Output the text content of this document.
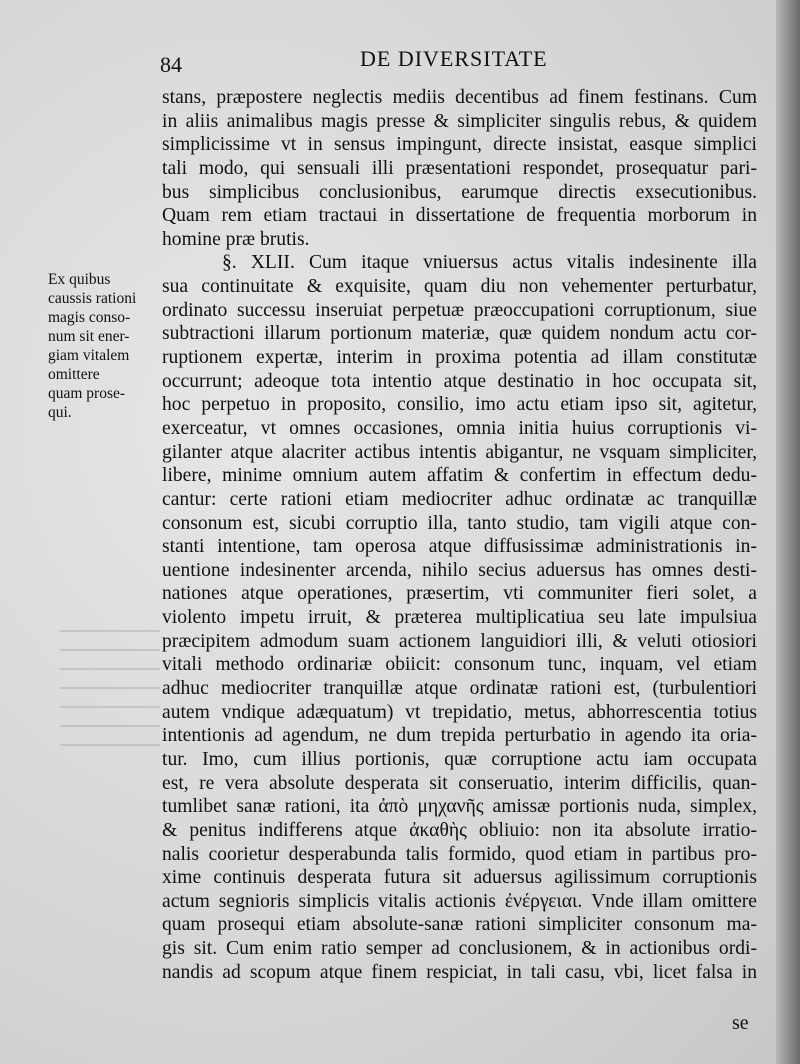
84	DE DIVERSITATE
Ex quibus
caussis rationi
magis conso-
num sit ener-
giam vitalem
omittere
quam prose-
qui.
stans, præpostere neglectis mediis decentibus ad finem festinans. Cum
in aliis animalibus magis presse & simpliciter singulis rebus, & quidem
simplicissime vt in sensus impingunt, directe insistat, easque simplici
tali modo, qui sensuali illi præsentationi respondet, prosequatur pari-
bus simplicibus conclusionibus, earumque directis exsecutionibus.
Quam rem etiam tractaui in dissertatione de frequentia morborum in
homine præ brutis.
§. XLII. Cum itaque vniuersus actus vitalis indesinente illa
sua continuitate & exquisite, quam diu non vehementer perturbatur,
ordinato successu inseruiat perpetuæ præoccupationi corruptionum, siue
subtractioni illarum portionum materiæ, quæ quidem nondum actu cor-
ruptionem expertæ, interim in proxima potentia ad illam constitutæ
occurrunt; adeoque tota intentio atque destinatio in hoc occupata sit,
hoc perpetuo in proposito, consilio, imo actu etiam ipso sit, agitetur,
exerceatur, vt omnes occasiones, omnia initia huius corruptionis vi-
gilanter atque alacriter actibus intentis abigantur, ne vsquam simpliciter,
libere, minime omnium autem affatim & confertim in effectum dedu-
cantur: certe rationi etiam mediocriter adhuc ordinatæ ac tranquillæ
consonum est, sicubi corruptio illa, tanto studio, tam vigili atque con-
stanti intentione, tam operosa atque diffusissimæ administrationis in-
uentione indesinenter arcenda, nihilo secius aduersus has omnes desti-
nationes atque operationes, præsertim, vti communiter fieri solet, a
violento impetu irruit, & præterea multiplicatiua seu late impulsiua
præcipitem admodum suam actionem languidiori illi, & veluti otiosiori
vitali methodo ordinariæ obiicit: consonum tunc, inquam, vel etiam
adhuc mediocriter tranquillæ atque ordinatæ rationi est, (turbulentiori
autem vndique adæquatum) vt trepidatio, metus, abhorrescentia totius
intentionis ad agendum, ne dum trepida perturbatio in agendo ita oria-
tur. Imo, cum illius portionis, quæ corruptione actu iam occupata
est, re vera absolute desperata sit conseruatio, interim difficilis, quan-
tumlibet sanæ rationi, ita ἀπὸ μηχανῆς amissæ portionis nuda, simplex,
& penitus indifferens atque ἀκαθὴς obliuio: non ita absolute irratio-
nalis coorietur desperabunda talis formido, quod etiam in partibus pro-
xime continuis desperata futura sit aduersus agilissimum corruptionis
actum segnioris simplicis vitalis actionis ἐνέργειαι. Vnde illam omittere
quam prosequi etiam absolute-sanæ rationi simpliciter consonum ma-
gis sit. Cum enim ratio semper ad conclusionem, & in actionibus ordi-
nandis ad scopum atque finem respiciat, in tali casu, vbi, licet falsa in
se
